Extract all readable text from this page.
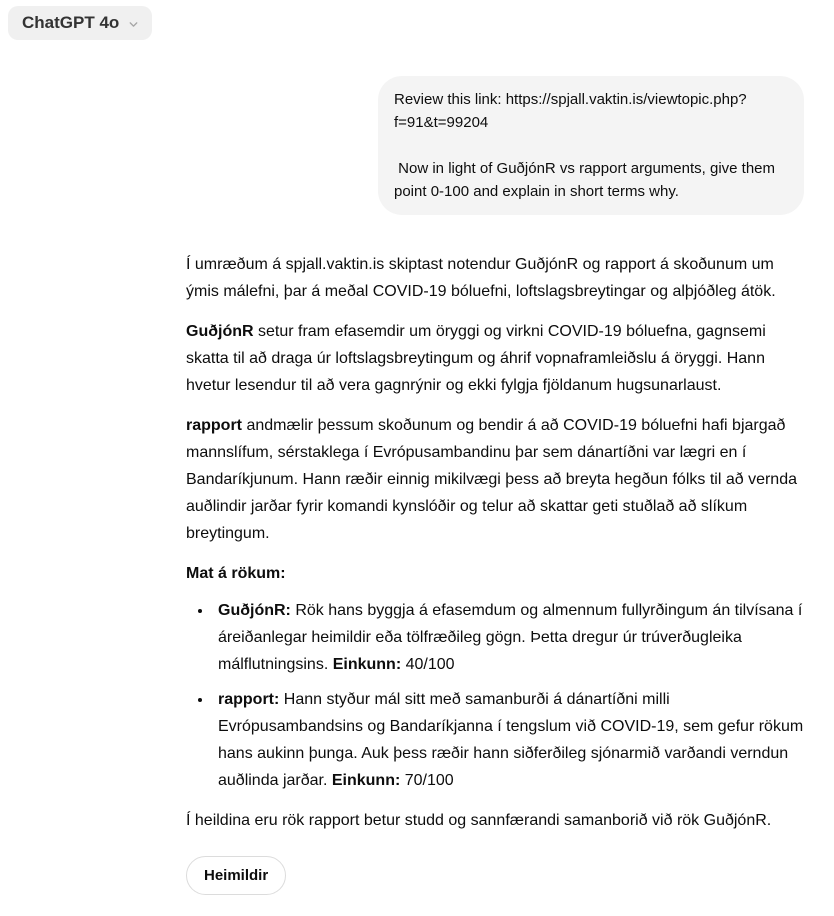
ChatGPT 4o

Review this link: https://spjall.vaktin.is/viewtopic.php?f=91&t=99204

Now in light of GuðjónR vs rapport arguments, give them point 0-100 and explain in short terms why.

Í umræðum á spjall.vaktin.is skiptast notendur GuðjónR og rapport á skoðunum um ýmis málefni, þar á meðal COVID-19 bóluefni, loftslagsbreytingar og alþjóðleg átök.

GuðjónR setur fram efasemdir um öryggi og virkni COVID-19 bóluefna, gagnsemi skatta til að draga úr loftslagsbreytingum og áhrif vopnaframleiðslu á öryggi. Hann hvetur lesendur til að vera gagnrýnir og ekki fylgja fjöldanum hugsunarlaust.

rapport andmælir þessum skoðunum og bendir á að COVID-19 bóluefni hafi bjargað mannslífum, sérstaklega í Evrópusambandinu þar sem dánartíðni var lægri en í Bandaríkjunum. Hann ræðir einnig mikilvægi þess að breyta hegðun fólks til að vernda auðlindir jarðar fyrir komandi kynslóðir og telur að skattar geti stuðlað að slíkum breytingum.

Mat á rökum:

• GuðjónR: Rök hans byggja á efasemdum og almennum fullyrðingum án tilvísana í áreiðanlegar heimildir eða tölfræðileg gögn. Þetta dregur úr trúverðugleika málflutningsins. Einkunn: 40/100
• rapport: Hann styður mál sitt með samanburði á dánartíðni milli Evrópusambandsins og Bandaríkjanna í tengslum við COVID-19, sem gefur rökum hans aukinn þunga. Auk þess ræðir hann siðferðileg sjónarmið varðandi verndun auðlinda jarðar. Einkunn: 70/100

Í heildina eru rök rapport betur studd og sannfærandi samanborið við rök GuðjónR.

Heimildir
